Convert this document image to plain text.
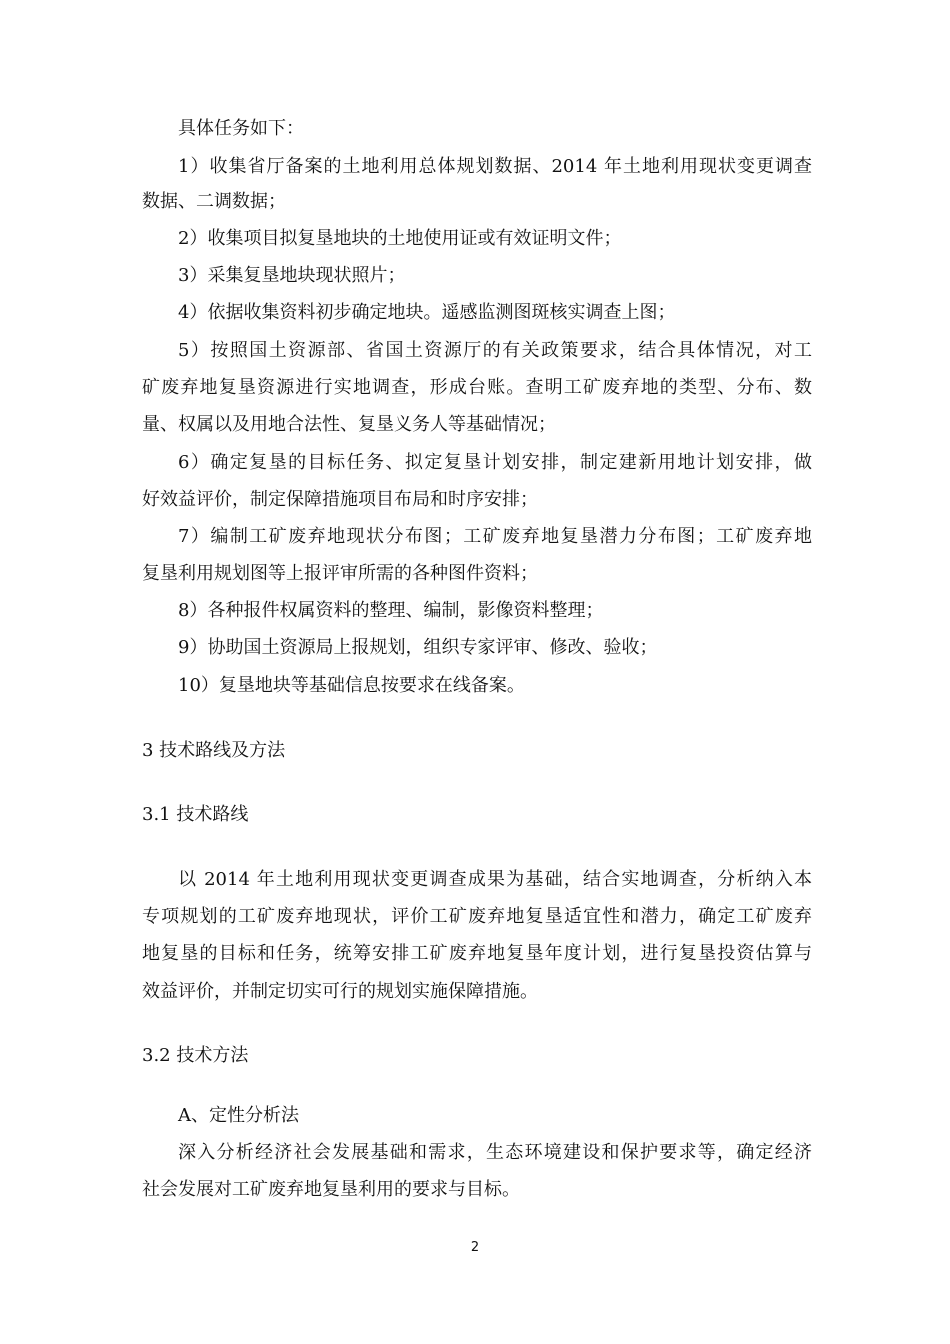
具体任务如下：
1）收集省厅备案的土地利用总体规划数据、2014 年土地利用现状变更调查
数据、二调数据；
2）收集项目拟复垦地块的土地使用证或有效证明文件；
3）采集复垦地块现状照片；
4）依据收集资料初步确定地块。遥感监测图斑核实调查上图；
5）按照国土资源部、省国土资源厅的有关政策要求，结合具体情况，对工
矿废弃地复垦资源进行实地调查，形成台账。查明工矿废弃地的类型、分布、数
量、权属以及用地合法性、复垦义务人等基础情况；
6）确定复垦的目标任务、拟定复垦计划安排，制定建新用地计划安排，做
好效益评价，制定保障措施项目布局和时序安排；
7）编制工矿废弃地现状分布图；工矿废弃地复垦潜力分布图；工矿废弃地
复垦利用规划图等上报评审所需的各种图件资料；
8）各种报件权属资料的整理、编制，影像资料整理；
9）协助国土资源局上报规划，组织专家评审、修改、验收；
10）复垦地块等基础信息按要求在线备案。
3 技术路线及方法
3.1 技术路线
以 2014 年土地利用现状变更调查成果为基础，结合实地调查，分析纳入本
专项规划的工矿废弃地现状，评价工矿废弃地复垦适宜性和潜力，确定工矿废弃
地复垦的目标和任务，统筹安排工矿废弃地复垦年度计划，进行复垦投资估算与
效益评价，并制定切实可行的规划实施保障措施。
3.2 技术方法
A、定性分析法
深入分析经济社会发展基础和需求，生态环境建设和保护要求等，确定经济
社会发展对工矿废弃地复垦利用的要求与目标。
2
